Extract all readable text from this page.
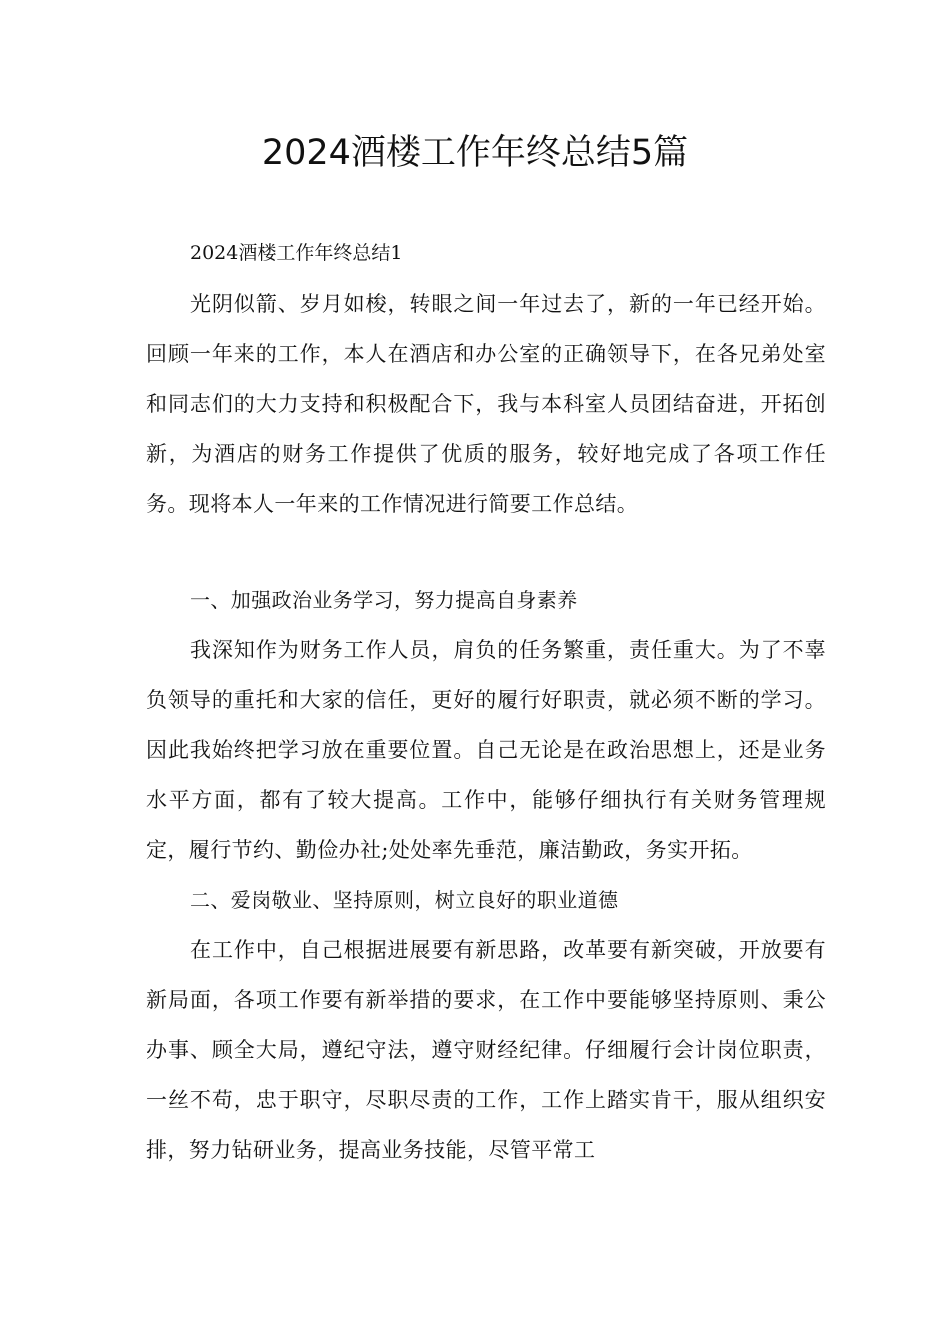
2024酒楼工作年终总结5篇

2024酒楼工作年终总结1

光阴似箭、岁月如梭，转眼之间一年过去了，新的一年已经开始。回顾一年来的工作，本人在酒店和办公室的正确领导下，在各兄弟处室和同志们的大力支持和积极配合下，我与本科室人员团结奋进，开拓创新，为酒店的财务工作提供了优质的服务，较好地完成了各项工作任务。现将本人一年来的工作情况进行简要工作总结。

一、加强政治业务学习，努力提高自身素养

我深知作为财务工作人员，肩负的任务繁重，责任重大。为了不辜负领导的重托和大家的信任，更好的履行好职责，就必须不断的学习。因此我始终把学习放在重要位置。自己无论是在政治思想上，还是业务水平方面，都有了较大提高。工作中，能够仔细执行有关财务管理规定，履行节约、勤俭办社;处处率先垂范，廉洁勤政，务实开拓。

二、爱岗敬业、坚持原则，树立良好的职业道德

在工作中，自己根据进展要有新思路，改革要有新突破，开放要有新局面，各项工作要有新举措的要求，在工作中要能够坚持原则、秉公办事、顾全大局，遵纪守法，遵守财经纪律。仔细履行会计岗位职责，一丝不苟，忠于职守，尽职尽责的工作，工作上踏实肯干，服从组织安排，努力钻研业务，提高业务技能，尽管平常工
